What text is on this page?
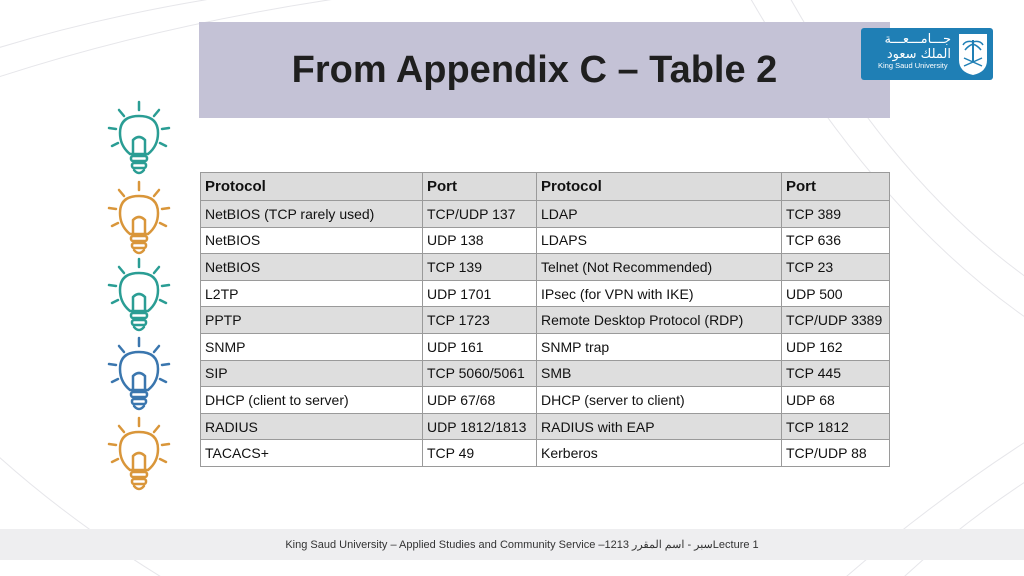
From Appendix C – Table 2
جـــامـــعـــة
الملك سعود
King Saud University
Protocol	Port	Protocol	Port
NetBIOS (TCP rarely used)	TCP/UDP 137	LDAP	TCP 389
NetBIOS	UDP 138	LDAPS	TCP 636
NetBIOS	TCP 139	Telnet (Not Recommended)	TCP 23
L2TP	UDP 1701	IPsec (for VPN with IKE)	UDP 500
PPTP	TCP 1723	Remote Desktop Protocol (RDP)	TCP/UDP 3389
SNMP	UDP 161	SNMP trap	UDP 162
SIP	TCP 5060/5061	SMB	TCP 445
DHCP (client to server)	UDP 67/68	DHCP (server to client)	UDP 68
RADIUS	UDP 1812/1813	RADIUS with EAP	TCP 1812
TACACS+	TCP 49	Kerberos	TCP/UDP 88
King Saud University – Applied Studies and Community Service –1213 سبر - اسم المقررLecture 1
